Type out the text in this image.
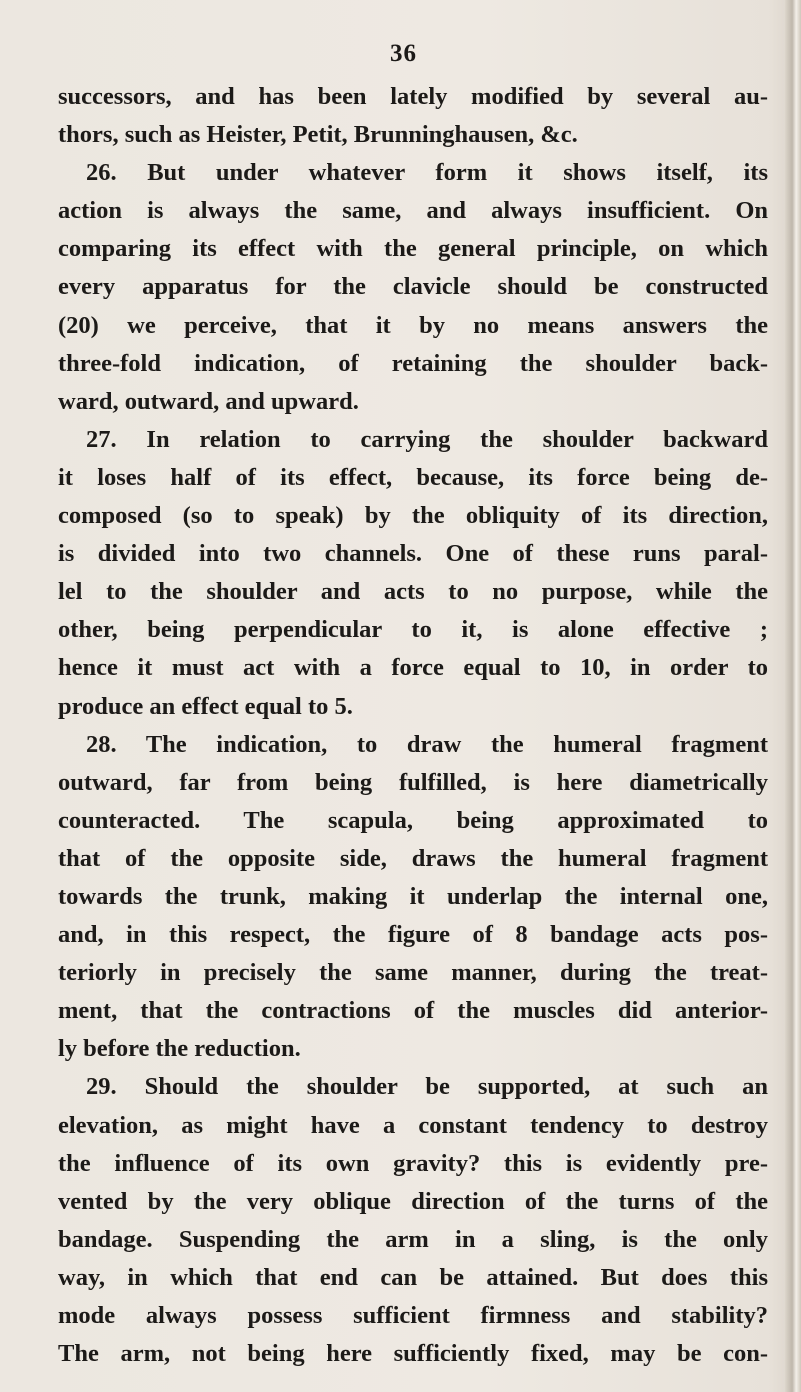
36
successors, and has been lately modified by several au-
thors, such as Heister, Petit, Brunninghausen, &c.
26. But under whatever form it shows itself, its
action is always the same, and always insufficient. On
comparing its effect with the general principle, on which
every apparatus for the clavicle should be constructed
(20) we perceive, that it by no means answers the
three-fold indication, of retaining the shoulder back-
ward, outward, and upward.
27. In relation to carrying the shoulder backward
it loses half of its effect, because, its force being de-
composed (so to speak) by the obliquity of its direction,
is divided into two channels. One of these runs paral-
lel to the shoulder and acts to no purpose, while the
other, being perpendicular to it, is alone effective ;
hence it must act with a force equal to 10, in order to
produce an effect equal to 5.
28. The indication, to draw the humeral fragment
outward, far from being fulfilled, is here diametrically
counteracted. The scapula, being approximated to
that of the opposite side, draws the humeral fragment
towards the trunk, making it underlap the internal one,
and, in this respect, the figure of 8 bandage acts pos-
teriorly in precisely the same manner, during the treat-
ment, that the contractions of the muscles did anterior-
ly before the reduction.
29. Should the shoulder be supported, at such an
elevation, as might have a constant tendency to destroy
the influence of its own gravity? this is evidently pre-
vented by the very oblique direction of the turns of the
bandage. Suspending the arm in a sling, is the only
way, in which that end can be attained. But does this
mode always possess sufficient firmness and stability?
The arm, not being here sufficiently fixed, may be con-
